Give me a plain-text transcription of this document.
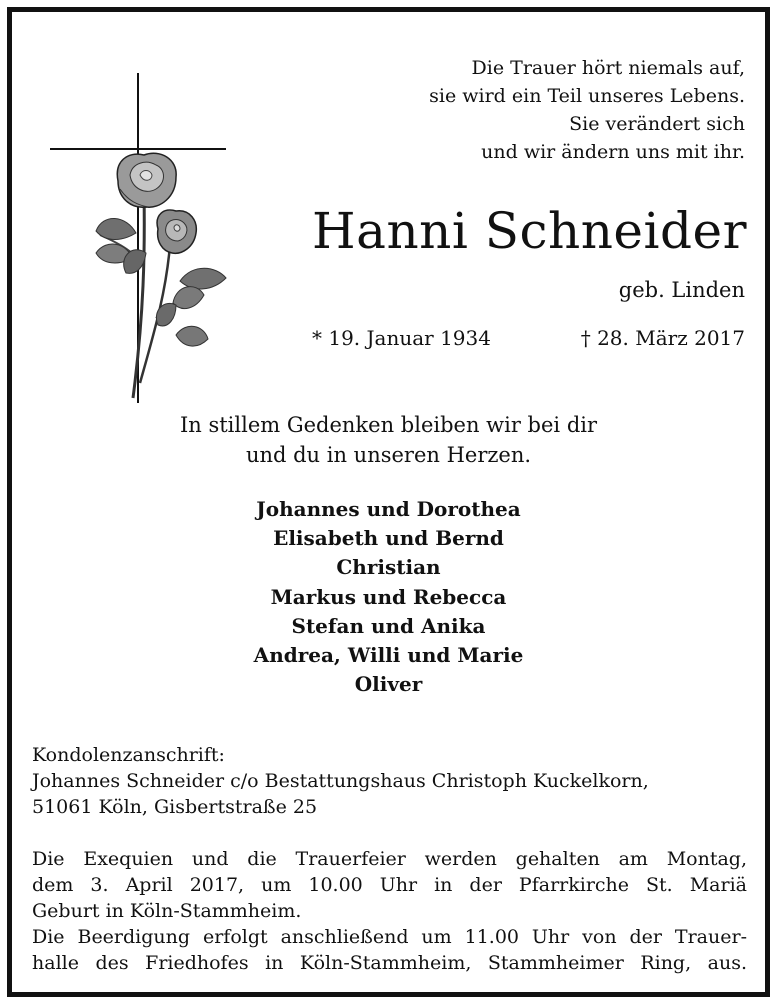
Die Trauer hört niemals auf,
sie wird ein Teil unseres Lebens.
Sie verändert sich
und wir ändern uns mit ihr.
Hanni Schneider
geb. Linden
* 19. Januar 1934	† 28. März 2017
In stillem Gedenken bleiben wir bei dir
und du in unseren Herzen.
Johannes und Dorothea
Elisabeth und Bernd
Christian
Markus und Rebecca
Stefan und Anika
Andrea, Willi und Marie
Oliver
Kondolenzanschrift:
Johannes Schneider c/o Bestattungshaus Christoph Kuckelkorn,
51061 Köln, Gisbertstraße 25
Die Exequien und die Trauerfeier werden gehalten am Montag,
dem 3. April 2017, um 10.00 Uhr in der Pfarrkirche St. Mariä
Geburt in Köln-Stammheim.
Die Beerdigung erfolgt anschließend um 11.00 Uhr von der Trauer-
halle des Friedhofes in Köln-Stammheim, Stammheimer Ring, aus.
